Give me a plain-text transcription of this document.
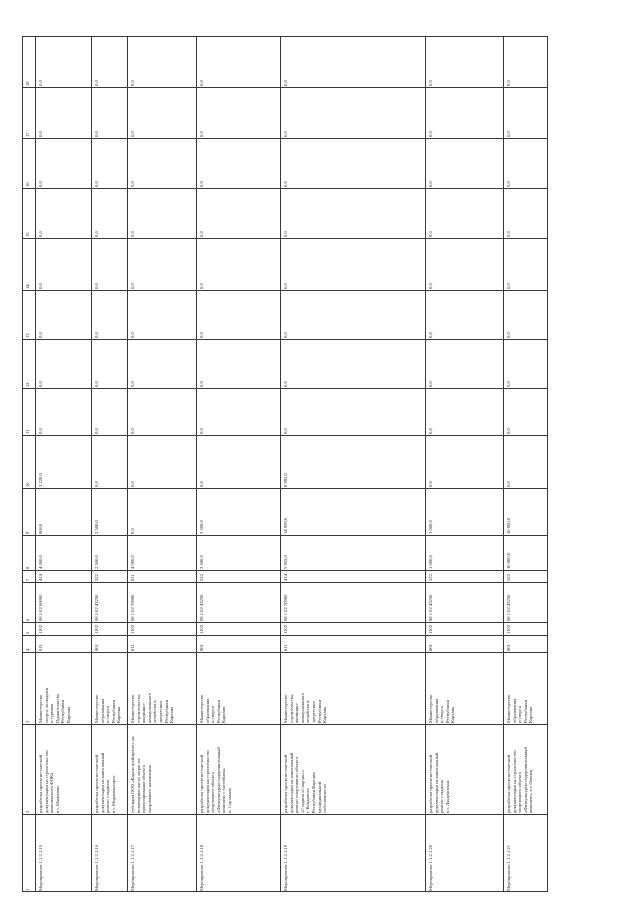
1
2
3
4
5
6
7
8
9
10
11
12
13
14
15
16
17
18
Мероприятие 1.1.2.1.15
разработка проектно-сметной
документации на строительство
комплексного ФОКа
в г. Мамоново
Министерство
спорта, молодежи
и туризма
Правительства
Республики
Карелия
811
1102
08 1 02 00000
414
4 000,0
800,0
3 220,0
0,0
0,0
0,0
0,0
0,0
0,0
0,0
0,0
Мероприятие 1.1.2.1.16
разработка проектно-сметной
документации на капитальный
ремонт стадиона
в г. Медвежьегорск
Министерство
образования
и спорта
Республики
Карелия
801
1102
08 1 02 43250
522
2 500,0
2 500,0
0,0
0,0
0,0
0,0
0,0
0,0
0,0
0,0
0,0
Мероприятие 1.1.2.1.17
субсидия ООО «Карелстройпроект» на
возмещение части затрат на
проектирование объекта
спортивного назначения
Министерство
строительства,
жилищно-
коммунального
хозяйства и
энергетики
Республики
Карелия
811
1102
08 1 02 70980
811
4 000,0
0,0
0,0
0,0
0,0
0,0
0,0
0,0
0,0
0,0
0,0
Мероприятие 1.1.2.1.18
разработка проектно-сметной
документации на строительство
спортивного объекта
«Физкультурно-оздоровительный
комплекс с бассейном»
п. Сортавала
Министерство
образования
и спорта
Республики
Карелия
801
1102
08 1 02 43250
522
3 500,0
3 500,0
0,0
0,0
0,0
0,0
0,0
0,0
0,0
0,0
0,0
Мероприятие 1.1.2.1.19
разработка проектно-сметной
документации на капитальный
ремонт спортивного объекта
«Стадион «Спартак»»
г. Кондопога
Республики Карелия,
муниципальной
собственности
Министерство
строительства,
жилищно-
коммунального
хозяйства и
энергетики
Республики
Карелия
811
1102
08 1 02 70000
414
5 955,0
14 959,0
8 992,0
0,0
0,0
0,0
0,0
0,0
0,0
0,0
0,0
Мероприятие 1.1.2.1.20
разработка проектно-сметной
документации на капитальный
ремонт стадиона
в г. Лахденпохья
Министерство
образования
и спорта
Республики
Карелия
801
1102
08 1 02 43250
522
1 000,0
1 000,0
0,0
0,0
0,0
0,0
0,0
0,0
0,0
0,0
0,0
Мероприятие 1.1.2.1.21
разработка проектно-сметной
документации на строительство
спортивного объекта
«Физкультурно-оздоровительный
комплекс» в г. Олонец
Министерство
образования
и спорта
Республики
Карелия
801
1102
08 1 02 43250
522
10 000,0
10 000,0
0,0
0,0
0,0
0,0
0,0
0,0
0,0
0,0
0,0
